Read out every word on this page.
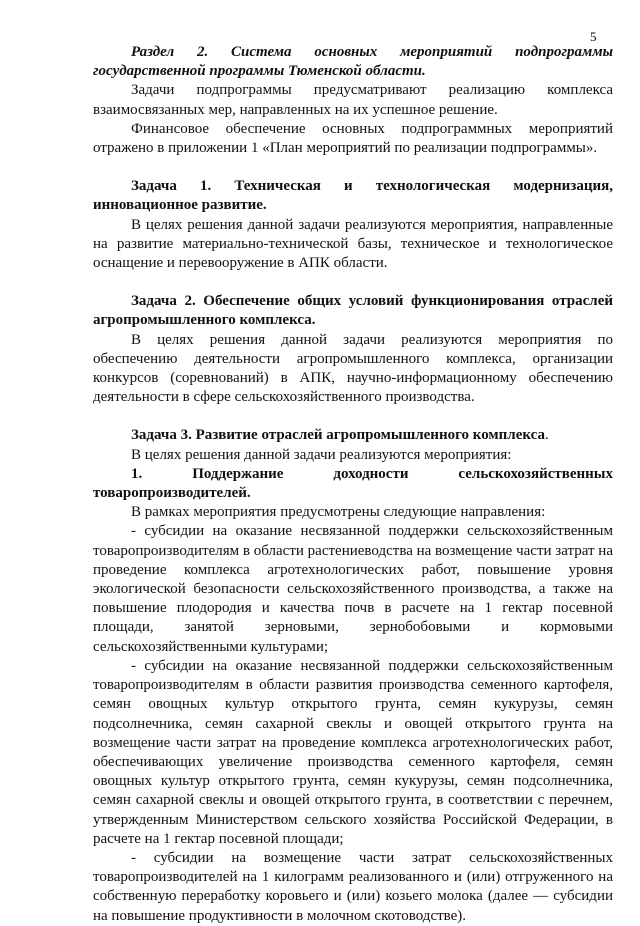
5

Раздел 2. Система основных мероприятий подпрограммы государственной программы Тюменской области.

Задачи подпрограммы предусматривают реализацию комплекса взаимосвязанных мер, направленных на их успешное решение.

Финансовое обеспечение основных подпрограммных мероприятий отражено в приложении 1 «План мероприятий по реализации подпрограммы».

Задача 1. Техническая и технологическая модернизация, инновационное развитие.

В целях решения данной задачи реализуются мероприятия, направленные на развитие материально-технической базы, техническое и технологическое оснащение и перевооружение в АПК области.

Задача 2. Обеспечение общих условий функционирования отраслей агропромышленного комплекса.

В целях решения данной задачи реализуются мероприятия по обеспечению деятельности агропромышленного комплекса, организации конкурсов (соревнований) в АПК, научно-информационному обеспечению деятельности в сфере сельскохозяйственного производства.

Задача 3. Развитие отраслей агропромышленного комплекса.

В целях решения данной задачи реализуются мероприятия:

1. Поддержание доходности сельскохозяйственных товаропроизводителей.

В рамках мероприятия предусмотрены следующие направления:

- субсидии на оказание несвязанной поддержки сельскохозяйственным товаропроизводителям в области растениеводства на возмещение части затрат на проведение комплекса агротехнологических работ, повышение уровня экологической безопасности сельскохозяйственного производства, а также на повышение плодородия и качества почв в расчете на 1 гектар посевной площади, занятой зерновыми, зернобобовыми и кормовыми сельскохозяйственными культурами;

- субсидии на оказание несвязанной поддержки сельскохозяйственным товаропроизводителям в области развития производства семенного картофеля, семян овощных культур открытого грунта, семян кукурузы, семян подсолнечника, семян сахарной свеклы и овощей открытого грунта на возмещение части затрат на проведение комплекса агротехнологических работ, обеспечивающих увеличение производства семенного картофеля, семян овощных культур открытого грунта, семян кукурузы, семян подсолнечника, семян сахарной свеклы и овощей открытого грунта, в соответствии с перечнем, утвержденным Министерством сельского хозяйства Российской Федерации, в расчете на 1 гектар посевной площади;

- субсидии на возмещение части затрат сельскохозяйственных товаропроизводителей на 1 килограмм реализованного и (или) отгруженного на собственную переработку коровьего и (или) козьего молока (далее — субсидии на повышение продуктивности в молочном скотоводстве).
